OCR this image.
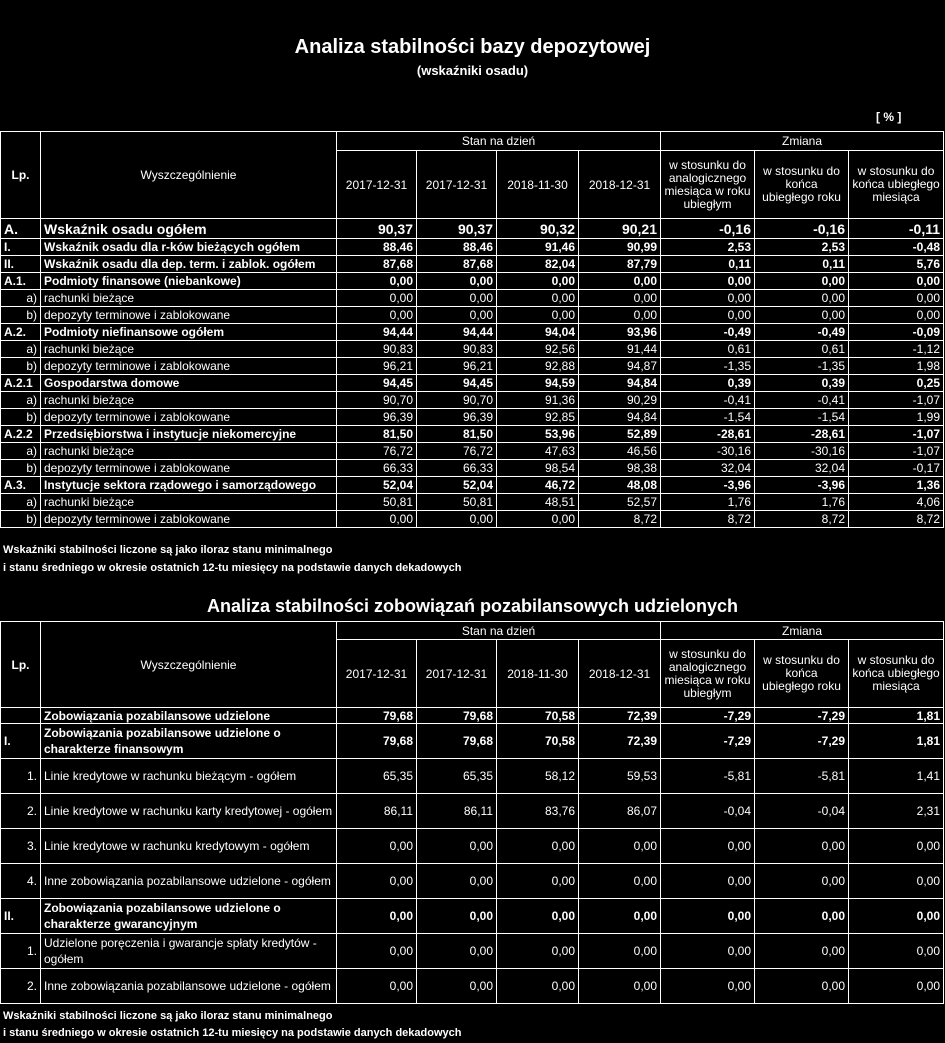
Analiza stabilności bazy depozytowej
(wskaźniki osadu)
[ % ]
Lp.	Wyszczególnienie	Stan na dzień				Zmiana		
		2017-12-31	2017-12-31	2018-11-30	2018-12-31	w stosunku do analogicznego miesiąca w roku ubiegłym	w stosunku do końca ubiegłego roku	w stosunku do końca ubiegłego miesiąca
A.	Wskaźnik osadu ogółem	90,37	90,37	90,32	90,21	-0,16	-0,16	-0,11
I.	Wskaźnik osadu dla r-ków bieżących ogółem	88,46	88,46	91,46	90,99	2,53	2,53	-0,48
II.	Wskaźnik osadu dla dep. term. i zablok. ogółem	87,68	87,68	82,04	87,79	0,11	0,11	5,76
A.1.	Podmioty finansowe (niebankowe)	0,00	0,00	0,00	0,00	0,00	0,00	0,00
a)	rachunki bieżące	0,00	0,00	0,00	0,00	0,00	0,00	0,00
b)	depozyty terminowe i zablokowane	0,00	0,00	0,00	0,00	0,00	0,00	0,00
A.2.	Podmioty niefinansowe ogółem	94,44	94,44	94,04	93,96	-0,49	-0,49	-0,09
a)	rachunki bieżące	90,83	90,83	92,56	91,44	0,61	0,61	-1,12
b)	depozyty terminowe i zablokowane	96,21	96,21	92,88	94,87	-1,35	-1,35	1,98
A.2.1	Gospodarstwa domowe	94,45	94,45	94,59	94,84	0,39	0,39	0,25
a)	rachunki bieżące	90,70	90,70	91,36	90,29	-0,41	-0,41	-1,07
b)	depozyty terminowe i zablokowane	96,39	96,39	92,85	94,84	-1,54	-1,54	1,99
A.2.2	Przedsiębiorstwa i instytucje niekomercyjne	81,50	81,50	53,96	52,89	-28,61	-28,61	-1,07
a)	rachunki bieżące	76,72	76,72	47,63	46,56	-30,16	-30,16	-1,07
b)	depozyty terminowe i zablokowane	66,33	66,33	98,54	98,38	32,04	32,04	-0,17
A.3.	Instytucje sektora rządowego i samorządowego	52,04	52,04	46,72	48,08	-3,96	-3,96	1,36
a)	rachunki bieżące	50,81	50,81	48,51	52,57	1,76	1,76	4,06
b)	depozyty terminowe i zablokowane	0,00	0,00	0,00	8,72	8,72	8,72	8,72
Wskaźniki stabilności liczone są jako iloraz stanu minimalnego
i stanu średniego w okresie ostatnich 12-tu miesięcy na podstawie danych dekadowych
Analiza stabilności zobowiązań pozabilansowych udzielonych
Lp.	Wyszczególnienie	Stan na dzień				Zmiana		
		2017-12-31	2017-12-31	2018-11-30	2018-12-31	w stosunku do analogicznego miesiąca w roku ubiegłym	w stosunku do końca ubiegłego roku	w stosunku do końca ubiegłego miesiąca
	Zobowiązania pozabilansowe udzielone	79,68	79,68	70,58	72,39	-7,29	-7,29	1,81
I.	Zobowiązania pozabilansowe udzielone o charakterze finansowym	79,68	79,68	70,58	72,39	-7,29	-7,29	1,81
1.	Linie kredytowe w rachunku bieżącym - ogółem	65,35	65,35	58,12	59,53	-5,81	-5,81	1,41
2.	Linie kredytowe w rachunku karty kredytowej - ogółem	86,11	86,11	83,76	86,07	-0,04	-0,04	2,31
3.	Linie kredytowe w rachunku kredytowym - ogółem	0,00	0,00	0,00	0,00	0,00	0,00	0,00
4.	Inne zobowiązania pozabilansowe udzielone - ogółem	0,00	0,00	0,00	0,00	0,00	0,00	0,00
II.	Zobowiązania pozabilansowe udzielone o charakterze gwarancyjnym	0,00	0,00	0,00	0,00	0,00	0,00	0,00
1.	Udzielone poręczenia i gwarancje spłaty kredytów - ogółem	0,00	0,00	0,00	0,00	0,00	0,00	0,00
2.	Inne zobowiązania pozabilansowe udzielone - ogółem	0,00	0,00	0,00	0,00	0,00	0,00	0,00
Wskaźniki stabilności liczone są jako iloraz stanu minimalnego
i stanu średniego w okresie ostatnich 12-tu miesięcy na podstawie danych dekadowych
